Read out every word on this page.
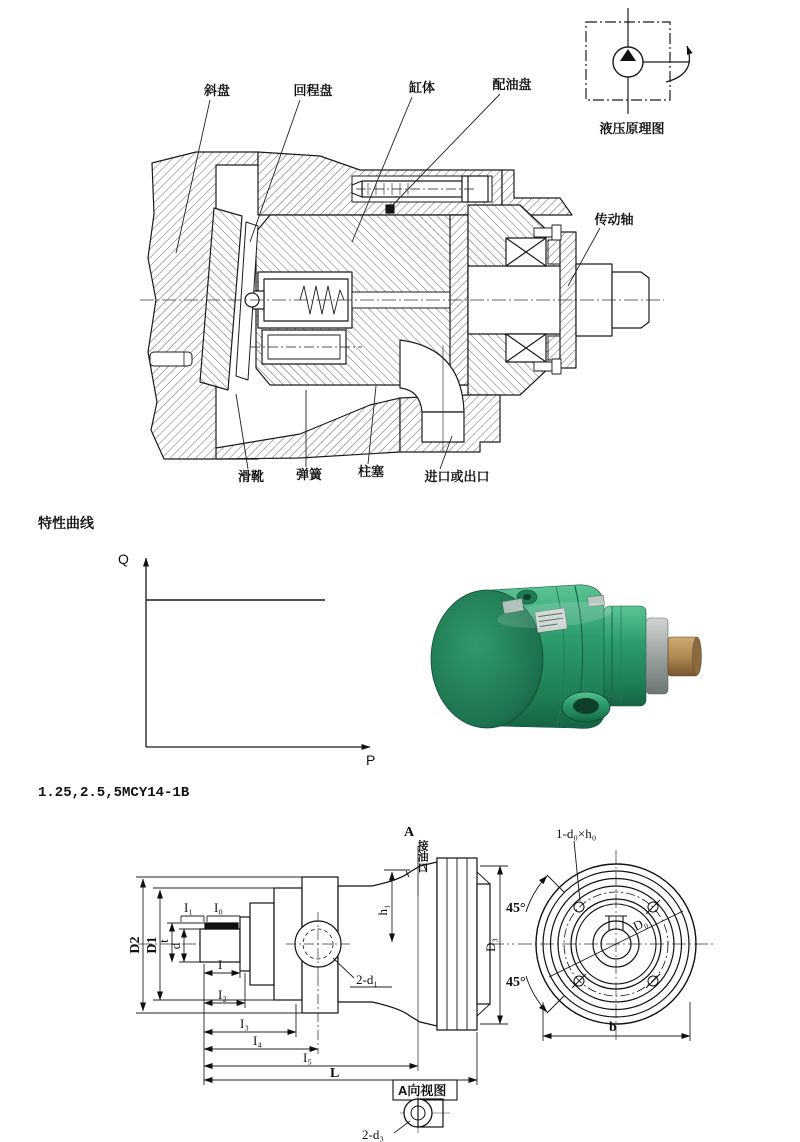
斜盘	回程盘	缸体	配油盘
传动轴
滑靴 弹簧	柱塞	进口或出口
液压原理图
特性曲线
Q
P
1.25,2.5,5MCY14-1B
2-d₁
A
接油口
D2 D1
t
d
I₁ I₀
I
I₂
I₃
I₄
I₅
L
h₁
D₃
1-d₀×h₀
45°
45°
D₀
b
A向视图
2-d₃
